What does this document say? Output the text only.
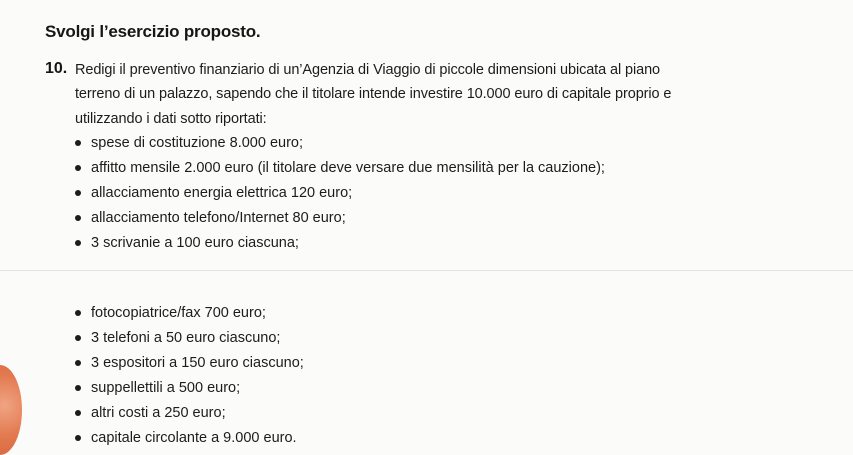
Svolgi l’esercizio proposto.
10. Redigi il preventivo finanziario di un’Agenzia di Viaggio di piccole dimensioni ubicata al piano
terreno di un palazzo, sapendo che il titolare intende investire 10.000 euro di capitale proprio e
utilizzando i dati sotto riportati:
spese di costituzione 8.000 euro;
affitto mensile 2.000 euro (il titolare deve versare due mensilità per la cauzione);
allacciamento energia elettrica 120 euro;
allacciamento telefono/Internet 80 euro;
3 scrivanie a 100 euro ciascuna;
fotocopiatrice/fax 700 euro;
3 telefoni a 50 euro ciascuno;
3 espositori a 150 euro ciascuno;
suppellettili a 500 euro;
altri costi a 250 euro;
capitale circolante a 9.000 euro.
